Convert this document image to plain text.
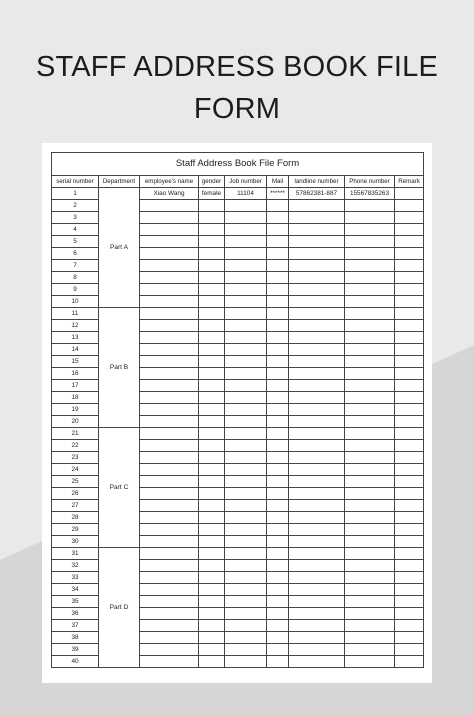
STAFF ADDRESS BOOK FILE
FORM
Staff Address Book File Form								
serial number	Department	employee's name	gender	Job number	Mail	landline number	Phone number	Remark
1	Part A	Xiao Wang	female	11104	******	57862381-887	15567835263	
2								
3								
4								
5								
6								
7								
8								
9								
10								
11	Part B							
12								
13								
14								
15								
16								
17								
18								
19								
20								
21	Part C							
22								
23								
24								
25								
26								
27								
28								
29								
30								
31	Part D							
32								
33								
34								
35								
36								
37								
38								
39								
40								
